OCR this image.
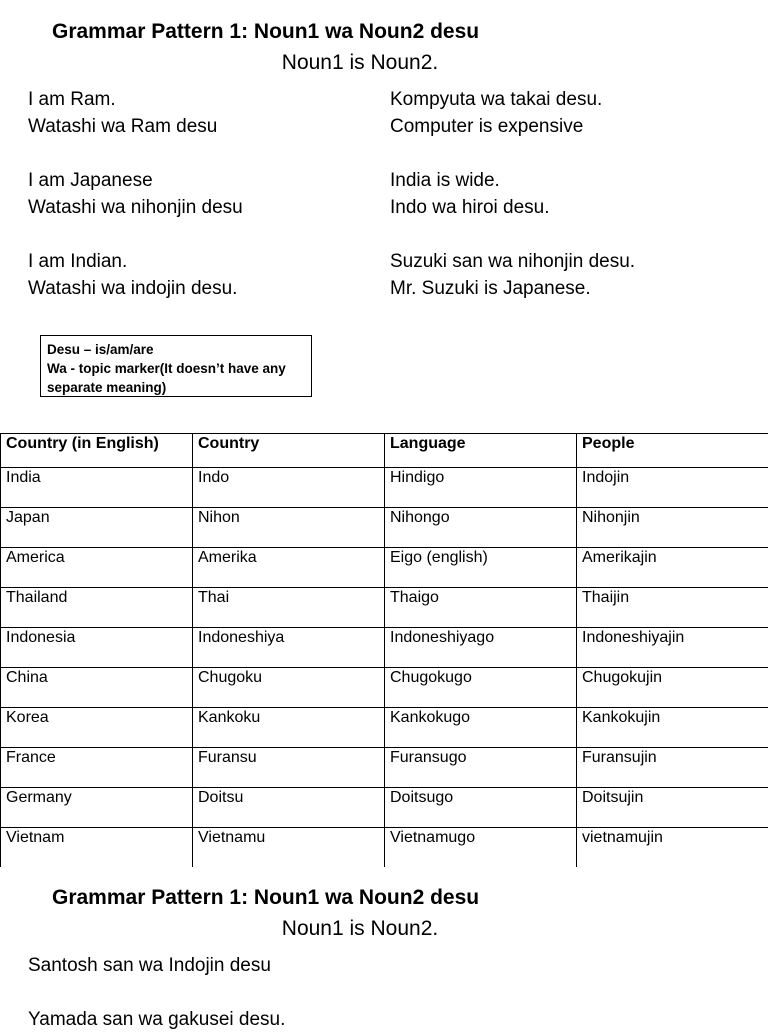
Grammar Pattern 1: Noun1 wa Noun2 desu
Noun1 is Noun2.
I am Ram.
Watashi wa Ram desu
I am Japanese
Watashi wa nihonjin desu
I am Indian.
Watashi wa indojin desu.
Kompyuta wa takai desu.
Computer is expensive
India is wide.
Indo wa hiroi desu.
Suzuki san wa nihonjin desu.
Mr. Suzuki is Japanese.
Desu – is/am/are
Wa - topic marker(It doesn’t have any separate meaning)
Country (in English)	Country	Language	People
India	Indo	Hindigo	Indojin
Japan	Nihon	Nihongo	Nihonjin
America	Amerika	Eigo (english)	Amerikajin
Thailand	Thai	Thaigo	Thaijin
Indonesia	Indoneshiya	Indoneshiyago	Indoneshiyajin
China	Chugoku	Chugokugo	Chugokujin
Korea	Kankoku	Kankokugo	Kankokujin
France	Furansu	Furansugo	Furansujin
Germany	Doitsu	Doitsugo	Doitsujin
Vietnam	Vietnamu	Vietnamugo	vietnamujin
Grammar Pattern 1: Noun1 wa Noun2 desu
Noun1 is Noun2.
Santosh san wa Indojin desu
Yamada san wa gakusei desu.
